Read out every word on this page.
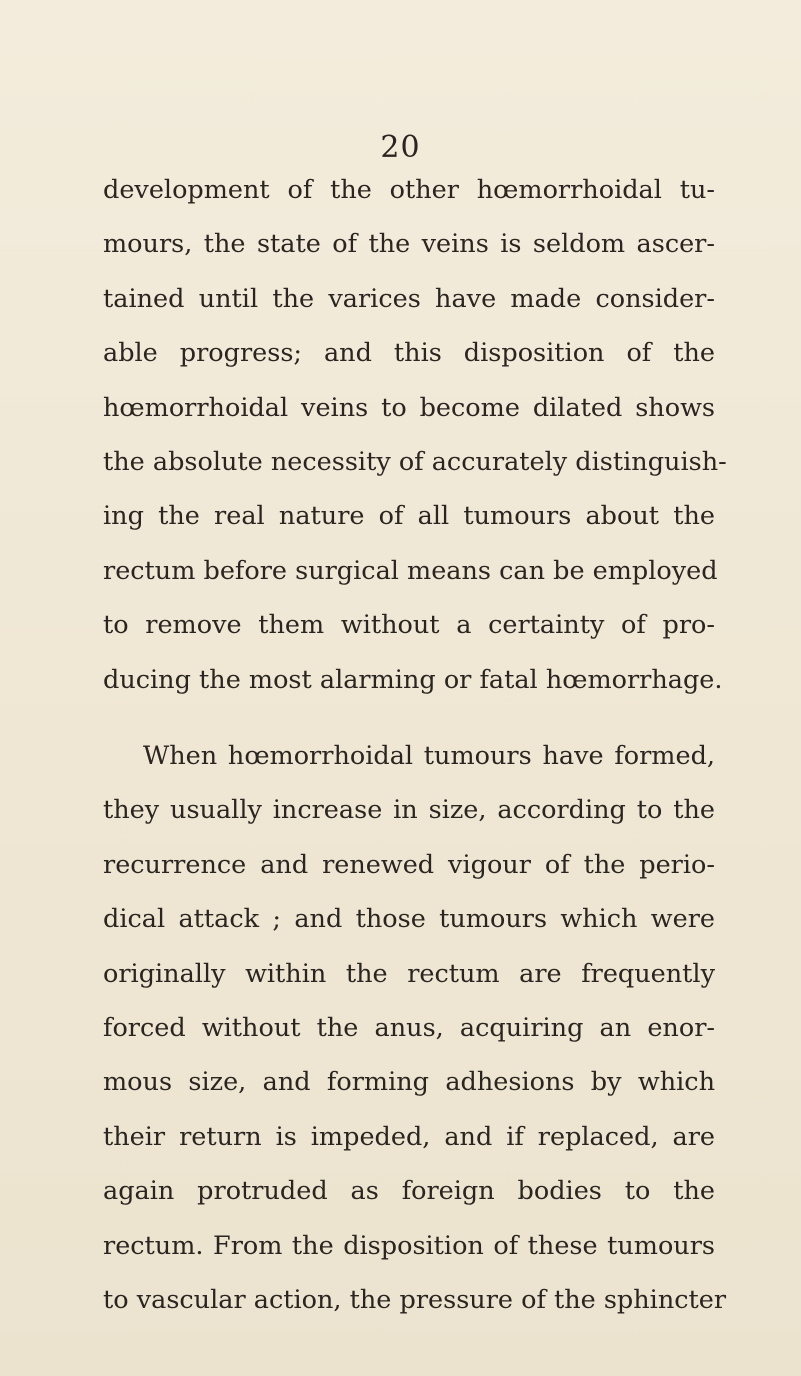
20
development of the other hœmorrhoidal tu-
mours, the state of the veins is seldom ascer-
tained until the varices have made consider-
able progress; and this disposition of the
hœmorrhoidal veins to become dilated shows
the absolute necessity of accurately distinguish-
ing the real nature of all tumours about the
rectum before surgical means can be employed
to remove them without a certainty of pro-
ducing the most alarming or fatal hœmorrhage.
When hœmorrhoidal tumours have formed,
they usually increase in size, according to the
recurrence and renewed vigour of the perio-
dical attack ; and those tumours which were
originally within the rectum are frequently
forced without the anus, acquiring an enor-
mous size, and forming adhesions by which
their return is impeded, and if replaced, are
again protruded as foreign bodies to the
rectum. From the disposition of these tumours
to vascular action, the pressure of the sphincter
